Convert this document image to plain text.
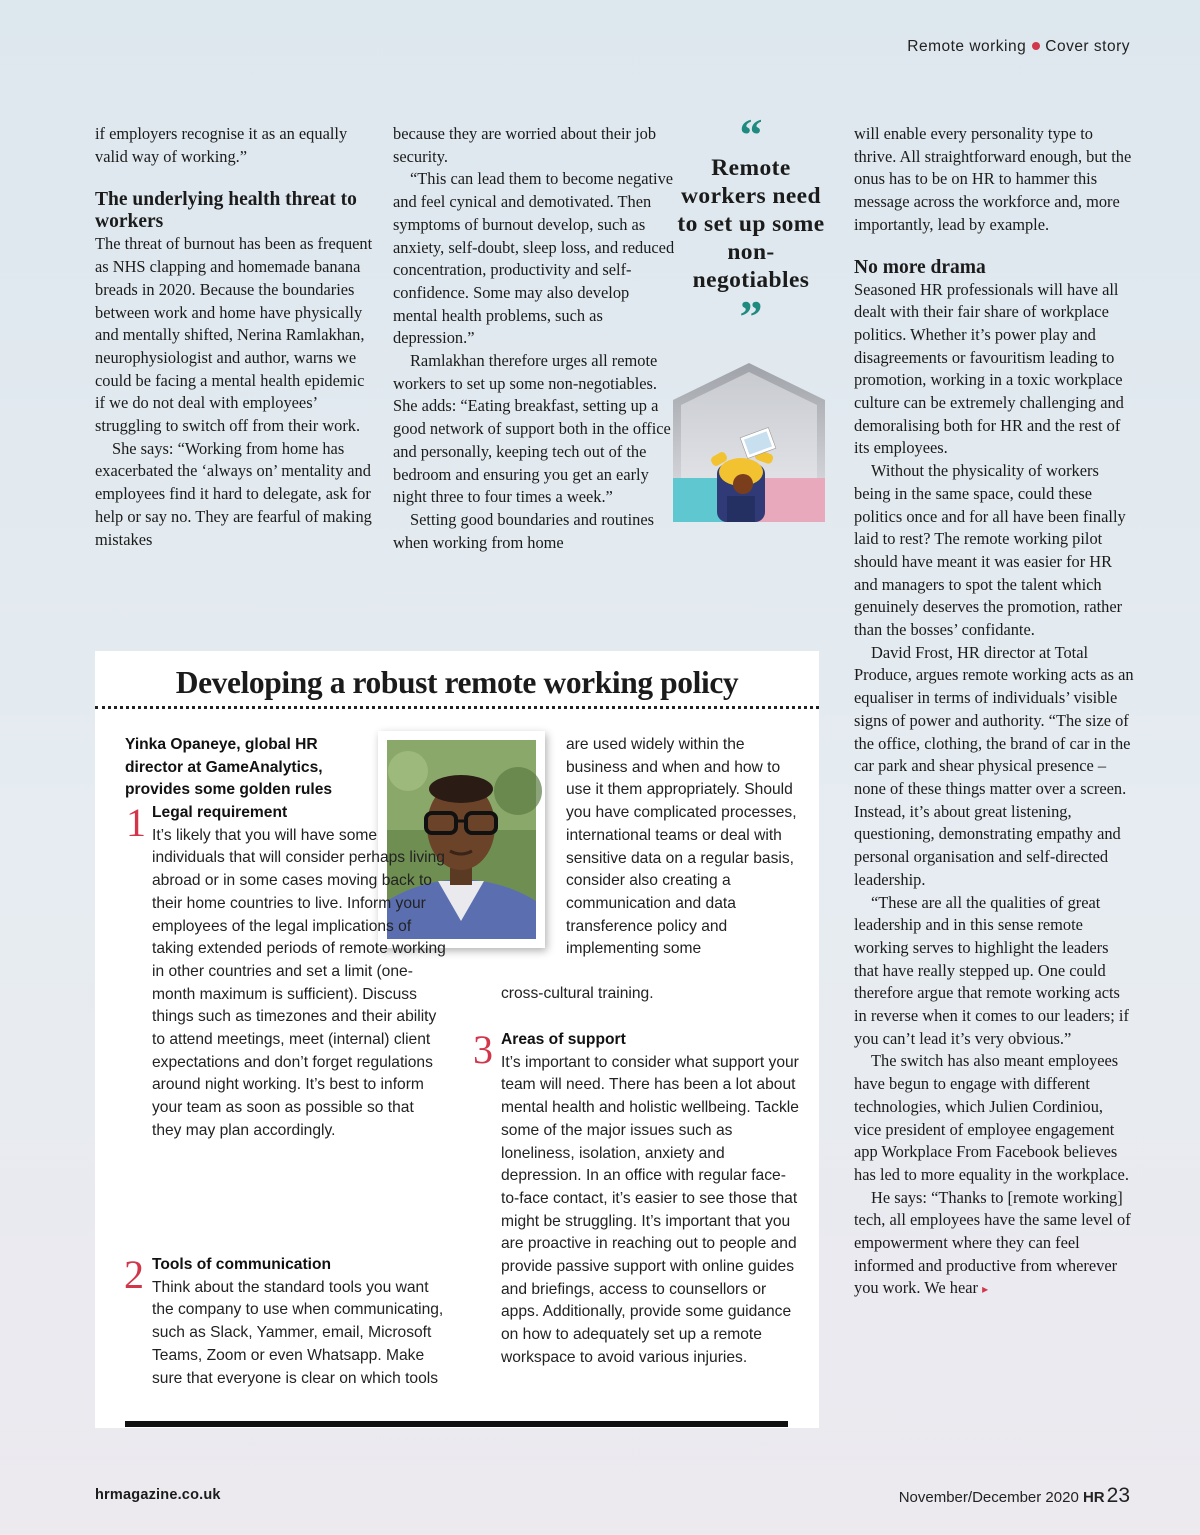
Remote working Cover story

if employers recognise it as an equally valid way of working.”

The underlying health threat to workers

The threat of burnout has been as frequent as NHS clapping and homemade banana breads in 2020. Because the boundaries between work and home have physically and mentally shifted, Nerina Ramlakhan, neurophysiologist and author, warns we could be facing a mental health epidemic if we do not deal with employees’ struggling to switch off from their work.

She says: “Working from home has exacerbated the ‘always on’ mentality and employees find it hard to delegate, ask for help or say no. They are fearful of making mistakes

because they are worried about their job security.

“This can lead them to become negative and feel cynical and demotivated. Then symptoms of burnout develop, such as anxiety, self-doubt, sleep loss, and reduced concentration, productivity and self-confidence. Some may also develop mental health problems, such as depression.”

Ramlakhan therefore urges all remote workers to set up some non-negotiables. She adds: “Eating breakfast, setting up a good network of support both in the office and personally, keeping tech out of the bedroom and ensuring you get an early night three to four times a week.”

Setting good boundaries and routines when working from home

“

Remote workers need to set up some non-negotiables

”

will enable every personality type to thrive. All straightforward enough, but the onus has to be on HR to hammer this message across the workforce and, more importantly, lead by example.

No more drama

Seasoned HR professionals will have all dealt with their fair share of workplace politics. Whether it’s power play and disagreements or favouritism leading to promotion, working in a toxic workplace culture can be extremely challenging and demoralising both for HR and the rest of its employees.

Without the physicality of workers being in the same space, could these politics once and for all have been finally laid to rest? The remote working pilot should have meant it was easier for HR and managers to spot the talent which genuinely deserves the promotion, rather than the bosses’ confidante.

David Frost, HR director at Total Produce, argues remote working acts as an equaliser in terms of individuals’ visible signs of power and authority. “The size of the office, clothing, the brand of car in the car park and shear physical presence – none of these things matter over a screen. Instead, it’s about great listening, questioning, demonstrating empathy and personal organisation and self-directed leadership.

“These are all the qualities of great leadership and in this sense remote working serves to highlight the leaders that have really stepped up. One could therefore argue that remote working acts in reverse when it comes to our leaders; if you can’t lead it’s very obvious.”

The switch has also meant employees have begun to engage with different technologies, which Julien Cordiniou, vice president of employee engagement app Workplace From Facebook believes has led to more equality in the workplace.

He says: “Thanks to [remote working] tech, all employees have the same level of empowerment where they can feel informed and productive from wherever you work. We hear ▸

Developing a robust remote working policy
Yinka Opaneye, global HR director at GameAnalytics, provides some golden rules
1 Legal requirement

It’s likely that you will have some individuals that will consider perhaps living abroad or in some cases moving back to their home countries to live. Inform your employees of the legal implications of taking extended periods of remote working in other countries and set a limit (one-month maximum is sufficient). Discuss things such as timezones and their ability to attend meetings, meet (internal) client expectations and don’t forget regulations around night working. It’s best to inform your team as soon as possible so that they may plan accordingly.

2 Tools of communication

Think about the standard tools you want the company to use when communicating, such as Slack, Yammer, email, Microsoft Teams, Zoom or even Whatsapp. Make sure that everyone is clear on which tools

are used widely within the business and when and how to use it them appropriately. Should you have complicated processes, international teams or deal with sensitive data on a regular basis, consider also creating a communication and data transference policy and implementing some
cross-cultural training.
3 Areas of support

It’s important to consider what support your team will need. There has been a lot about mental health and holistic wellbeing. Tackle some of the major issues such as loneliness, isolation, anxiety and depression. In an office with regular face-to-face contact, it’s easier to see those that might be struggling. It’s important that you are proactive in reaching out to people and provide passive support with online guides and briefings, access to counsellors or apps. Additionally, provide some guidance on how to adequately set up a remote workspace to avoid various injuries.

hrmagazine.co.uk	November/December 2020 HR23
